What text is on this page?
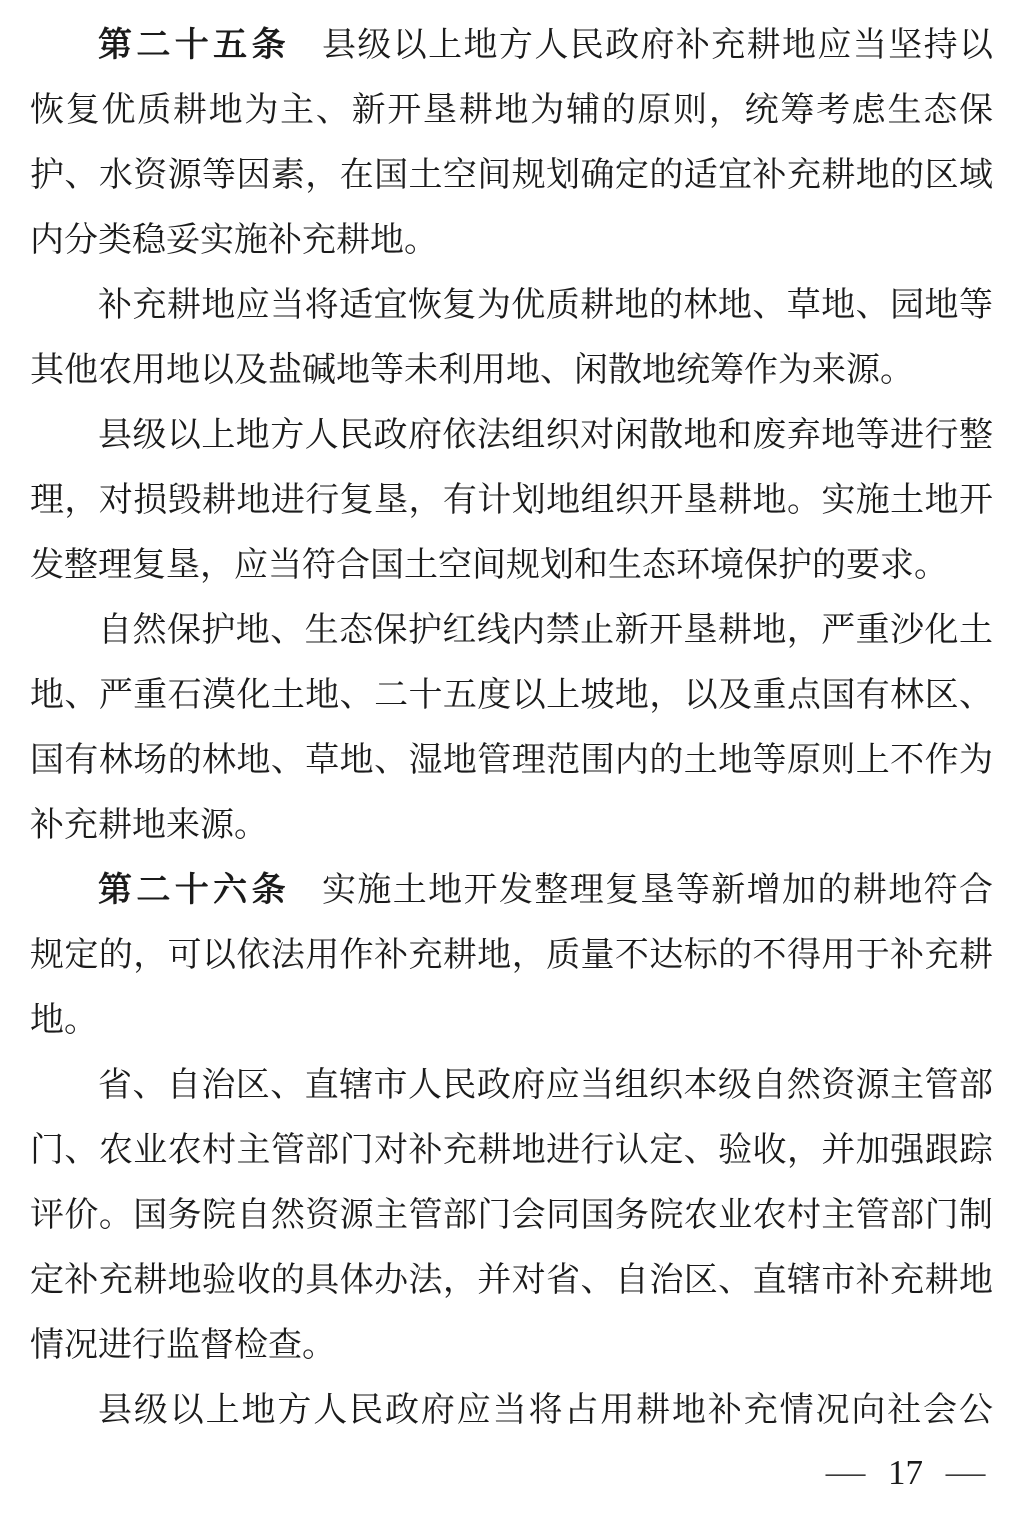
第二十五条 县级以上地方人民政府补充耕地应当坚持以恢复优质耕地为主、新开垦耕地为辅的原则，统筹考虑生态保护、水资源等因素，在国土空间规划确定的适宜补充耕地的区域内分类稳妥实施补充耕地。

补充耕地应当将适宜恢复为优质耕地的林地、草地、园地等其他农用地以及盐碱地等未利用地、闲散地统筹作为来源。

县级以上地方人民政府依法组织对闲散地和废弃地等进行整理，对损毁耕地进行复垦，有计划地组织开垦耕地。实施土地开发整理复垦，应当符合国土空间规划和生态环境保护的要求。

自然保护地、生态保护红线内禁止新开垦耕地，严重沙化土地、严重石漠化土地、二十五度以上坡地，以及重点国有林区、国有林场的林地、草地、湿地管理范围内的土地等原则上不作为补充耕地来源。

第二十六条 实施土地开发整理复垦等新增加的耕地符合规定的，可以依法用作补充耕地，质量不达标的不得用于补充耕地。

省、自治区、直辖市人民政府应当组织本级自然资源主管部门、农业农村主管部门对补充耕地进行认定、验收，并加强跟踪评价。国务院自然资源主管部门会同国务院农业农村主管部门制定补充耕地验收的具体办法，并对省、自治区、直辖市补充耕地情况进行监督检查。

县级以上地方人民政府应当将占用耕地补充情况向社会公

— 17 —
